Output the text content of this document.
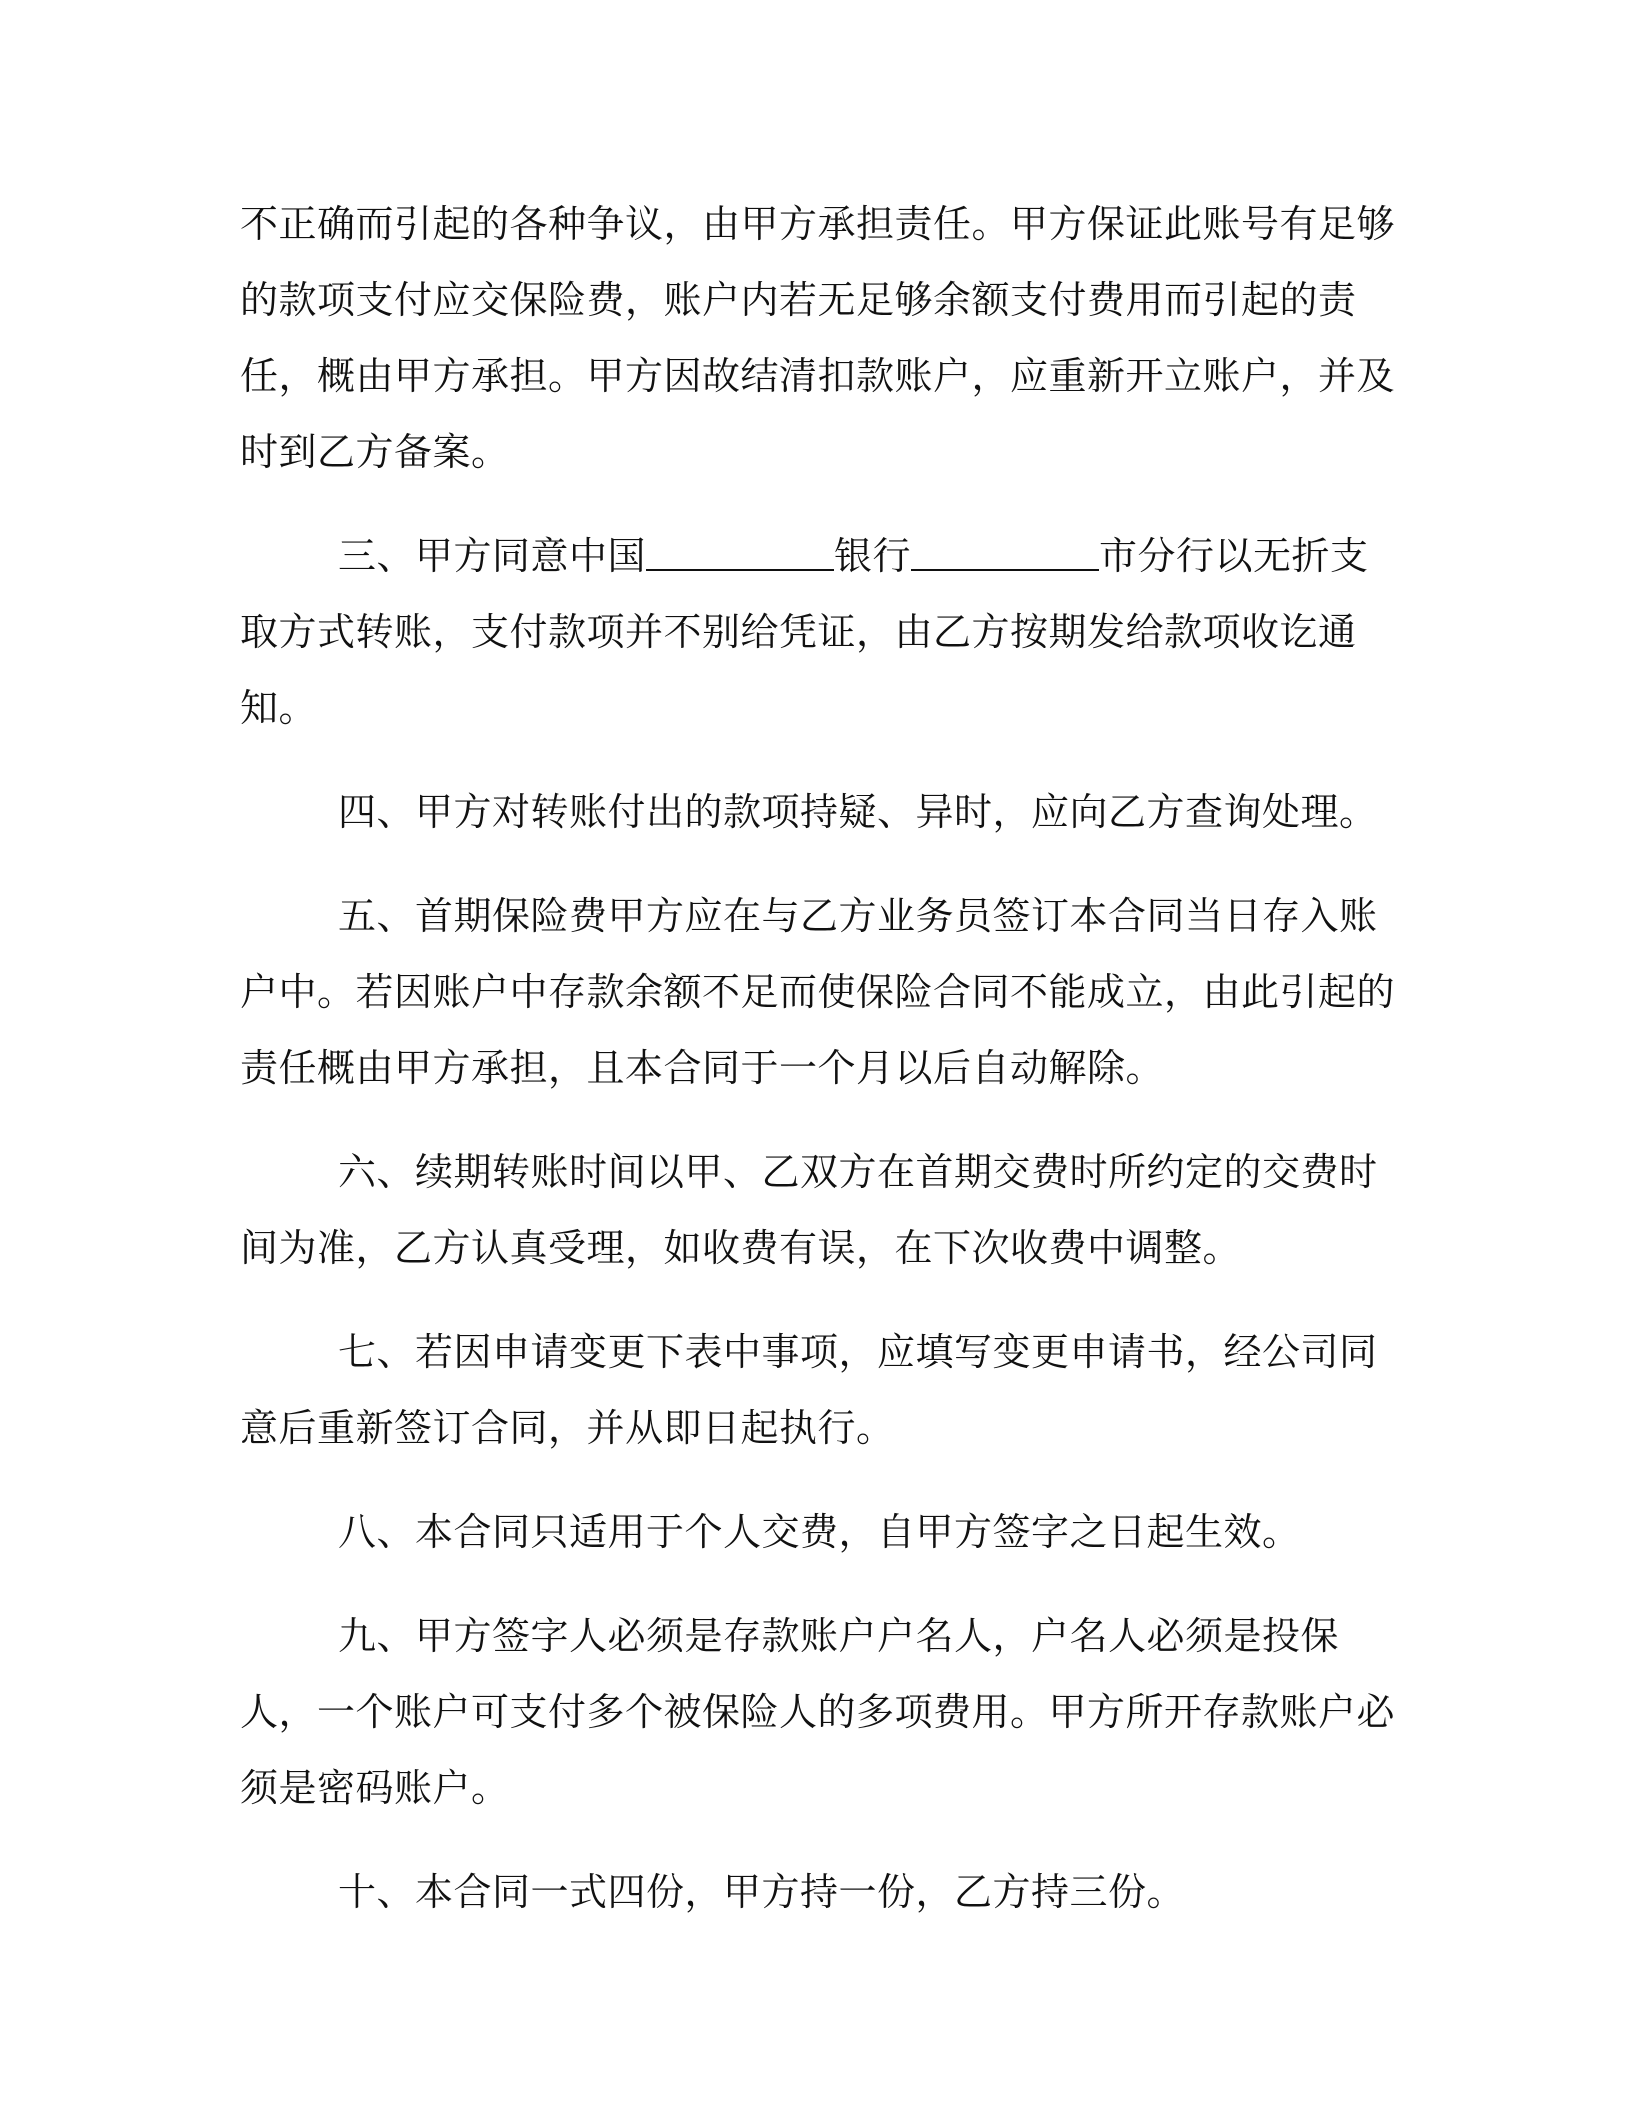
不正确而引起的各种争议，由甲方承担责任。甲方保证此账号有足够的款项支付应交保险费，账户内若无足够余额支付费用而引起的责任，概由甲方承担。甲方因故结清扣款账户，应重新开立账户，并及时到乙方备案。

三、甲方同意中国	银行	市分行以无折支取方式转账，支付款项并不别给凭证，由乙方按期发给款项收讫通知。

四、甲方对转账付出的款项持疑、异时，应向乙方查询处理。

五、首期保险费甲方应在与乙方业务员签订本合同当日存入账户中。若因账户中存款余额不足而使保险合同不能成立，由此引起的责任概由甲方承担，且本合同于一个月以后自动解除。

六、续期转账时间以甲、乙双方在首期交费时所约定的交费时间为准，乙方认真受理，如收费有误，在下次收费中调整。

七、若因申请变更下表中事项，应填写变更申请书，经公司同意后重新签订合同，并从即日起执行。

八、本合同只适用于个人交费，自甲方签字之日起生效。

九、甲方签字人必须是存款账户户名人，户名人必须是投保人，一个账户可支付多个被保险人的多项费用。甲方所开存款账户必须是密码账户。

十、本合同一式四份，甲方持一份，乙方持三份。
